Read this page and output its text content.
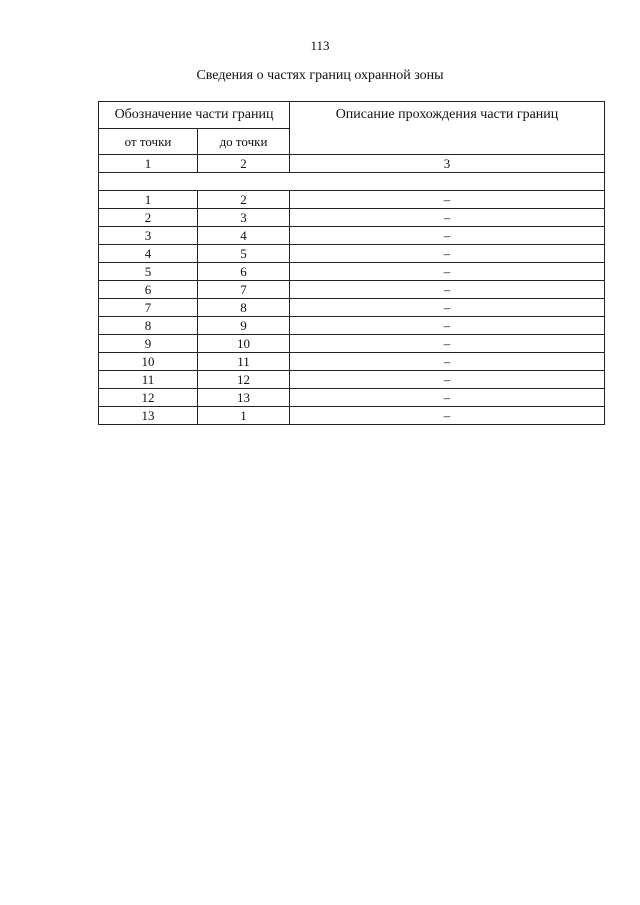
113
Сведения о частях границ охранной зоны
Обозначение части границ		Описание прохождения части границ
от точки	до точки	
1	2	3

1	2	–
2	3	–
3	4	–
4	5	–
5	6	–
6	7	–
7	8	–
8	9	–
9	10	–
10	11	–
11	12	–
12	13	–
13	1	–
